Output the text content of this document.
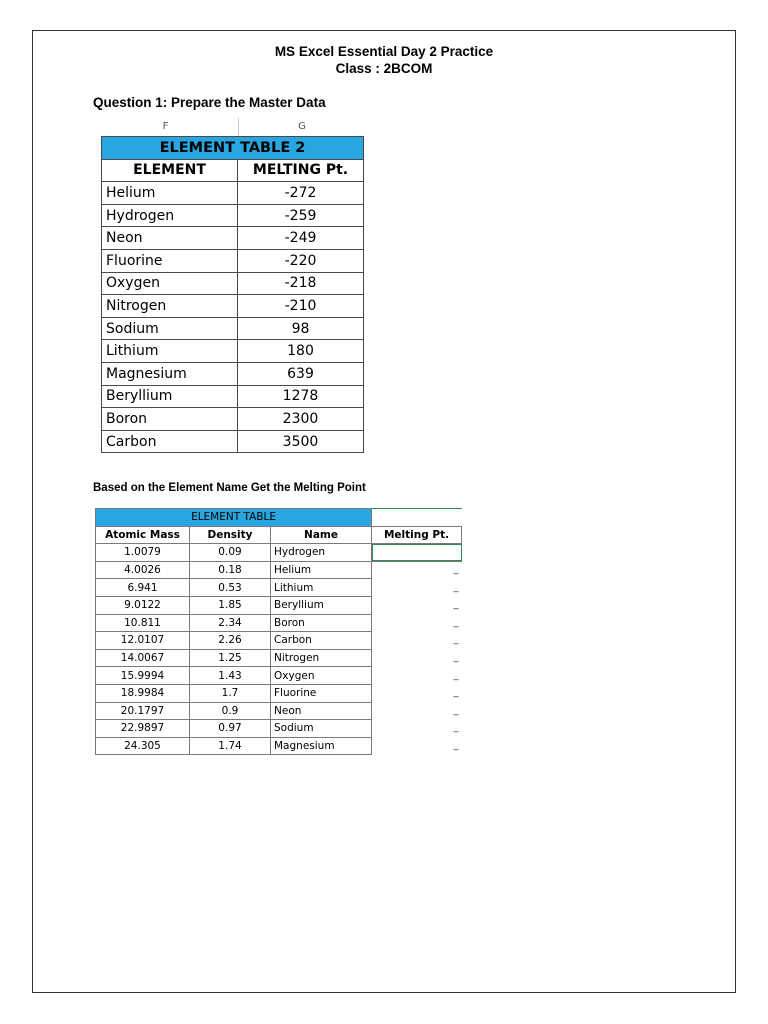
MS Excel Essential Day 2 Practice
Class : 2BCOM
Question 1: Prepare the Master Data
F	G
ELEMENT TABLE 2	
ELEMENT	MELTING Pt.
Helium	-272
Hydrogen	-259
Neon	-249
Fluorine	-220
Oxygen	-218
Nitrogen	-210
Sodium	98
Lithium	180
Magnesium	639
Beryllium	1278
Boron	2300
Carbon	3500
Based on the Element Name Get the Melting Point
ELEMENT TABLE			
Atomic Mass	Density	Name	Melting Pt.
1.0079	0.09	Hydrogen	
4.0026	0.18	Helium	_

6.941	0.53	Lithium	_

9.0122	1.85	Beryllium	_

10.811	2.34	Boron	_

12.0107	2.26	Carbon	_

14.0067	1.25	Nitrogen	_

15.9994	1.43	Oxygen	_

18.9984	1.7	Fluorine	_

20.1797	0.9	Neon	_

22.9897	0.97	Sodium	_

24.305	1.74	Magnesium	_
